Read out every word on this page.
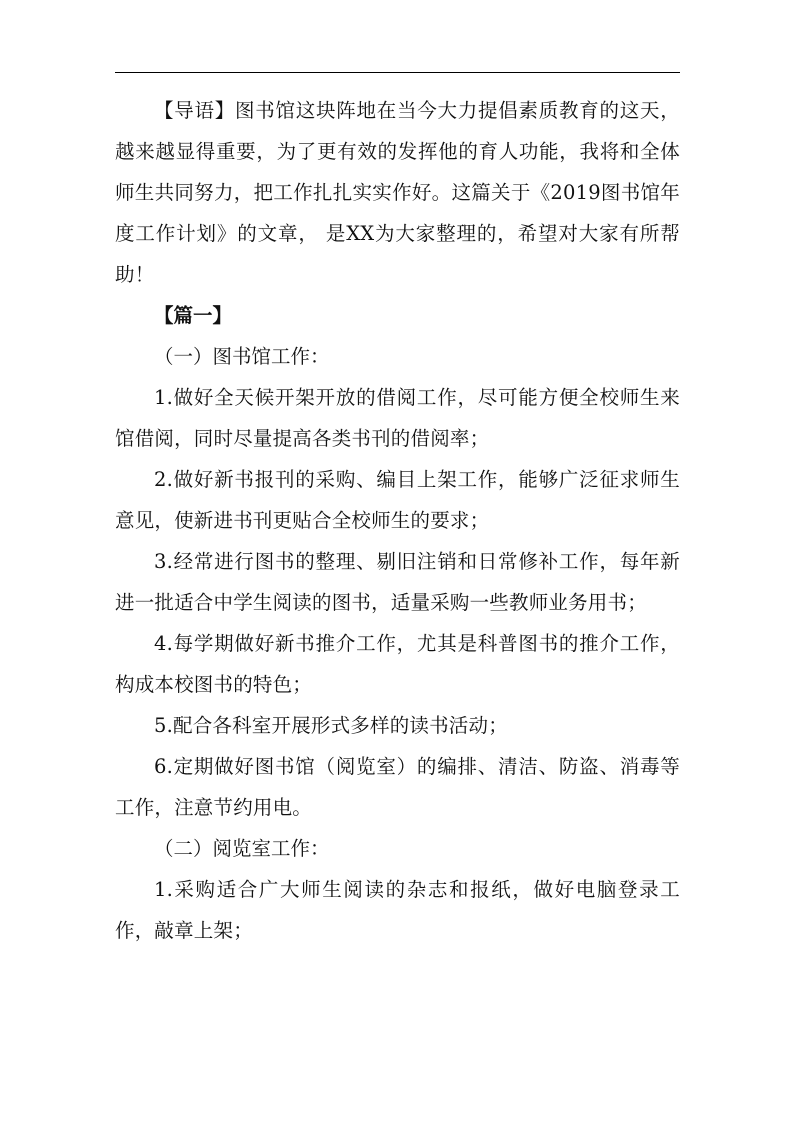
【导语】图书馆这块阵地在当今大力提倡素质教育的这天，越来越显得重要，为了更有效的发挥他的育人功能，我将和全体师生共同努力，把工作扎扎实实作好。这篇关于《2019图书馆年度工作计划》的文章， 是XX为大家整理的，希望对大家有所帮助！

【篇一】

（一）图书馆工作：

1.做好全天候开架开放的借阅工作，尽可能方便全校师生来馆借阅，同时尽量提高各类书刊的借阅率；

2.做好新书报刊的采购、编目上架工作，能够广泛征求师生意见，使新进书刊更贴合全校师生的要求；

3.经常进行图书的整理、剔旧注销和日常修补工作，每年新进一批适合中学生阅读的图书，适量采购一些教师业务用书；

4.每学期做好新书推介工作，尤其是科普图书的推介工作，构成本校图书的特色；

5.配合各科室开展形式多样的读书活动；

6.定期做好图书馆（阅览室）的编排、清洁、防盗、消毒等工作，注意节约用电。

（二）阅览室工作：

1.采购适合广大师生阅读的杂志和报纸，做好电脑登录工作，敲章上架；
